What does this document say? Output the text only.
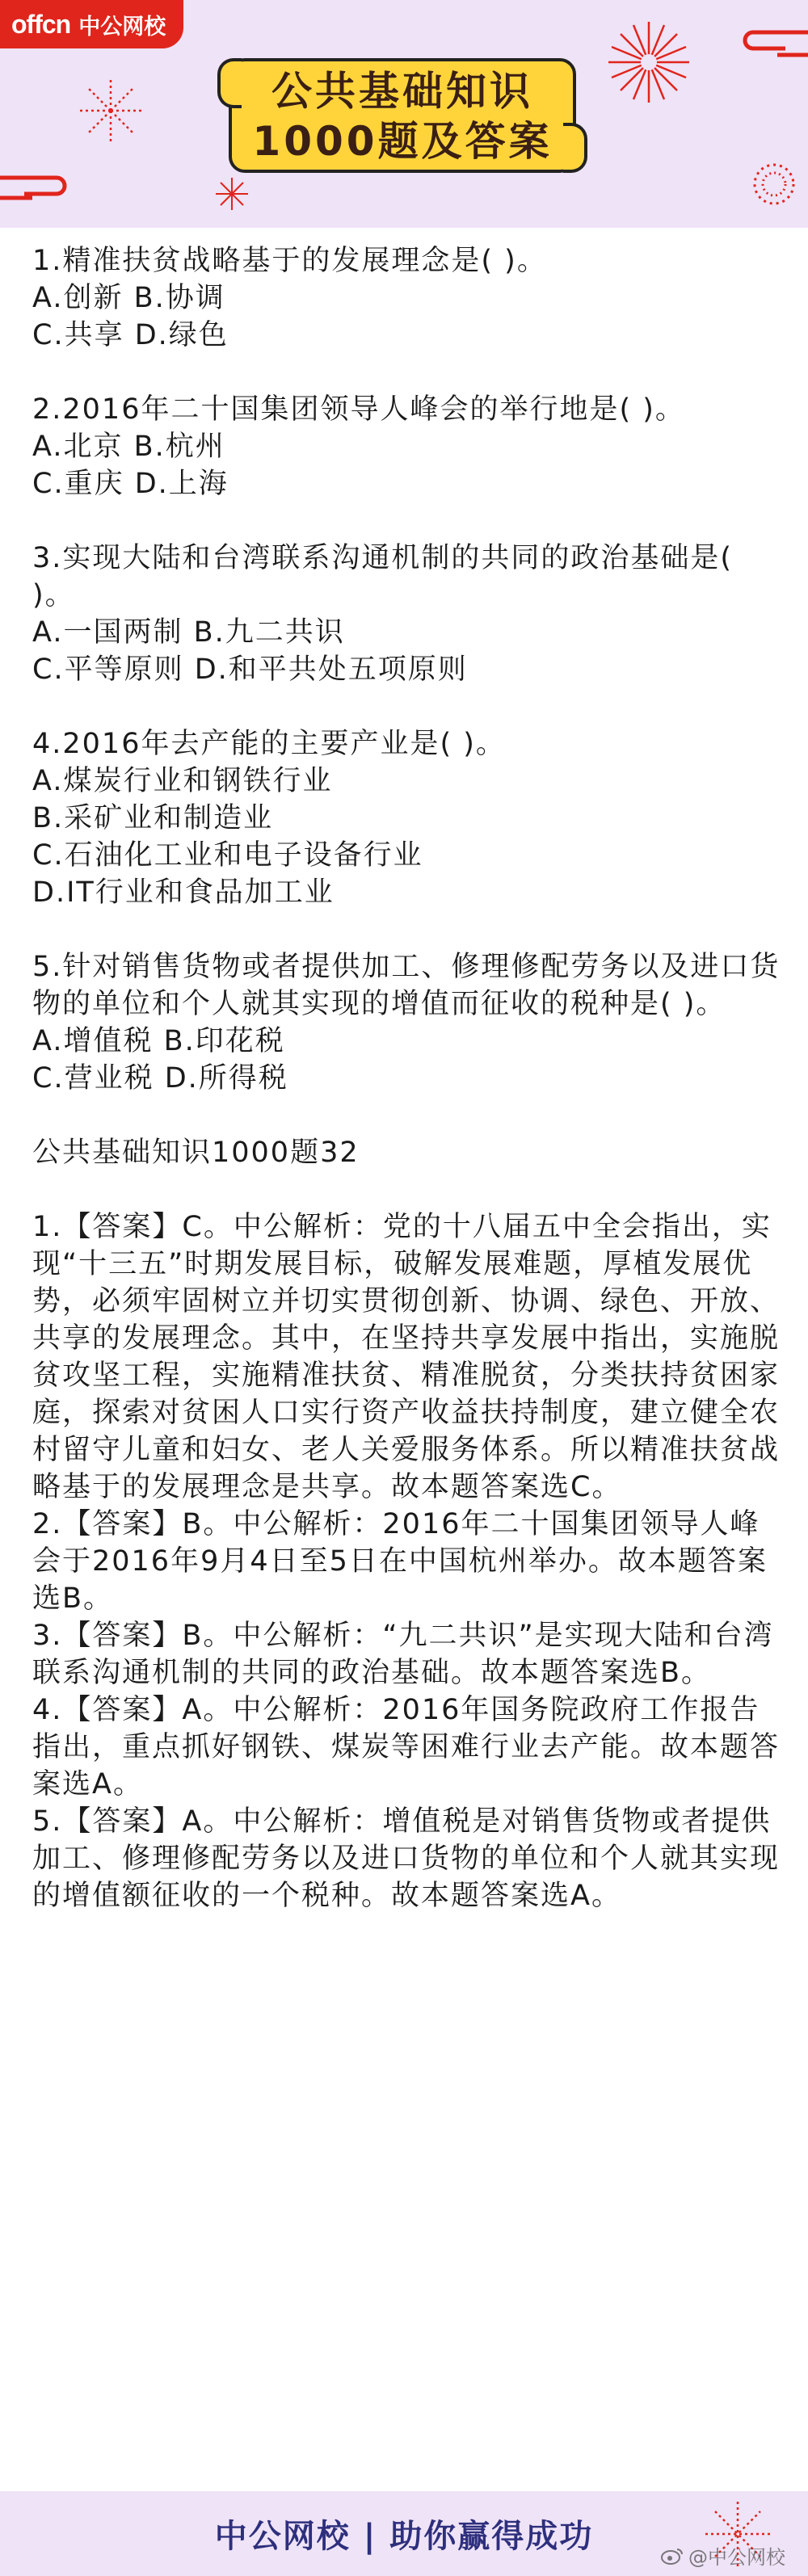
offcn 中公网校
公共基础知识
1000题及答案

1.精准扶贫战略基于的发展理念是( )。

A.创新 B.协调

C.共享 D.绿色

2.2016年二十国集团领导人峰会的举行地是( )。

A.北京 B.杭州

C.重庆 D.上海

3.实现大陆和台湾联系沟通机制的共同的政治基础是( )。

A.一国两制 B.九二共识

C.平等原则 D.和平共处五项原则

4.2016年去产能的主要产业是( )。

A.煤炭行业和钢铁行业

B.采矿业和制造业

C.石油化工业和电子设备行业

D.IT行业和食品加工业

5.针对销售货物或者提供加工、修理修配劳务以及进口货物的单位和个人就其实现的增值而征收的税种是( )。

A.增值税 B.印花税

C.营业税 D.所得税

公共基础知识1000题32

1.【答案】C。中公解析：党的十八届五中全会指出，实现“十三五”时期发展目标，破解发展难题，厚植发展优势，必须牢固树立并切实贯彻创新、协调、绿色、开放、共享的发展理念。其中，在坚持共享发展中指出，实施脱贫攻坚工程，实施精准扶贫、精准脱贫，分类扶持贫困家庭，探索对贫困人口实行资产收益扶持制度，建立健全农村留守儿童和妇女、老人关爱服务体系。所以精准扶贫战略基于的发展理念是共享。故本题答案选C。

2.【答案】B。中公解析：2016年二十国集团领导人峰会于2016年9月4日至5日在中国杭州举办。故本题答案选B。

3.【答案】B。中公解析：“九二共识”是实现大陆和台湾联系沟通机制的共同的政治基础。故本题答案选B。

4.【答案】A。中公解析：2016年国务院政府工作报告指出，重点抓好钢铁、煤炭等困难行业去产能。故本题答案选A。

5.【答案】A。中公解析：增值税是对销售货物或者提供加工、修理修配劳务以及进口货物的单位和个人就其实现的增值额征收的一个税种。故本题答案选A。

中公网校 | 助你赢得成功
@中公网校
